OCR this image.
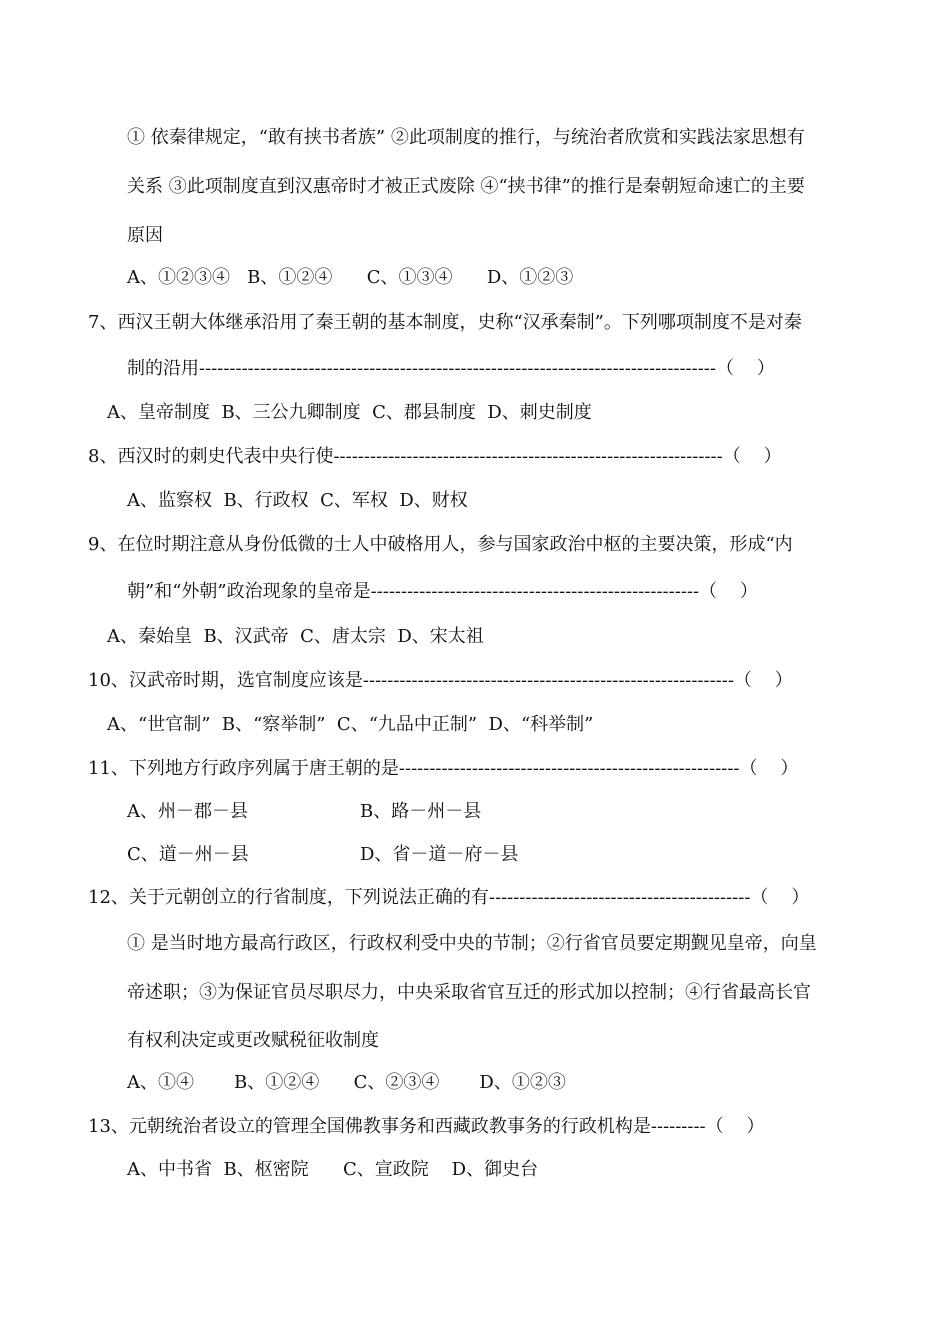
① 依秦律规定，“敢有挟书者族” ②此项制度的推行，与统治者欣赏和实践法家思想有
关系 ③此项制度直到汉惠帝时才被正式废除 ④“挟书律”的推行是秦朝短命速亡的主要
原因
A、①②③④   B、①②④      C、①③④      D、①②③
7、西汉王朝大体继承沿用了秦王朝的基本制度，史称“汉承秦制”。下列哪项制度不是对秦
制的沿用-------------------------------------------------------------------------------------（    ）
A、皇帝制度  B、三公九卿制度  C、郡县制度  D、刺史制度
8、西汉时的刺史代表中央行使----------------------------------------------------------------（    ）
A、监察权  B、行政权  C、军权  D、财权
9、在位时期注意从身份低微的士人中破格用人，参与国家政治中枢的主要决策，形成“内
朝”和“外朝”政治现象的皇帝是------------------------------------------------------（    ）
A、秦始皇  B、汉武帝  C、唐太宗  D、宋太祖
10、汉武帝时期，选官制度应该是-------------------------------------------------------------（    ）
A、“世官制”  B、“察举制”  C、“九品中正制”  D、“科举制”
11、下列地方行政序列属于唐王朝的是--------------------------------------------------------（    ）
A、州－郡－县	B、路－州－县
C、道－州－县	D、省－道－府－县
12、关于元朝创立的行省制度，下列说法正确的有-------------------------------------------（    ）
① 是当时地方最高行政区，行政权利受中央的节制；②行省官员要定期觐见皇帝，向皇
帝述职；③为保证官员尽职尽力，中央采取省官互迁的形式加以控制；④行省最高长官
有权利决定或更改赋税征收制度
A、①④       B、①②④      C、②③④       D、①②③
13、元朝统治者设立的管理全国佛教事务和西藏政教事务的行政机构是---------（    ）
A、中书省  B、枢密院      C、宣政院    D、御史台
